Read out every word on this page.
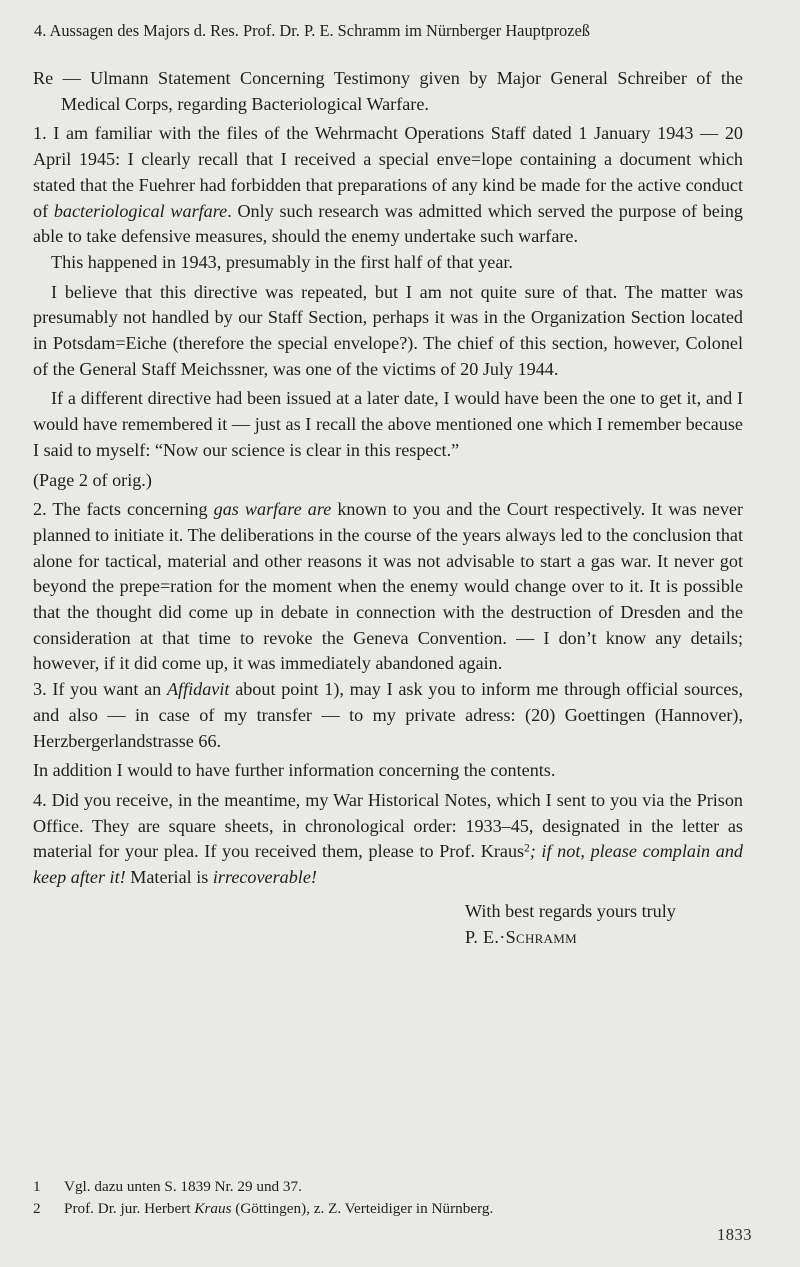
4. Aussagen des Majors d. Res. Prof. Dr. P. E. Schramm im Nürnberger Hauptprozeß

Re — Ulmann Statement Concerning Testimony given by Major General Schreiber of the Medical Corps, regarding Bacteriological Warfare.

1. I am familiar with the files of the Wehrmacht Operations Staff dated 1 January 1943 — 20 April 1945: I clearly recall that I received a special enve=lope containing a document which stated that the Fuehrer had forbidden that preparations of any kind be made for the active conduct of bacteriological warfare. Only such research was admitted which served the purpose of being able to take defensive measures, should the enemy undertake such warfare.

This happened in 1943, presumably in the first half of that year.

I believe that this directive was repeated, but I am not quite sure of that. The matter was presumably not handled by our Staff Section, perhaps it was in the Organization Section located in Potsdam=Eiche (therefore the special envelope?). The chief of this section, however, Colonel of the General Staff Meichssner, was one of the victims of 20 July 1944.

If a different directive had been issued at a later date, I would have been the one to get it, and I would have remembered it — just as I recall the above mentioned one which I remember because I said to myself: “Now our science is clear in this respect.”

(Page 2 of orig.)

2. The facts concerning gas warfare are known to you and the Court respectively. It was never planned to initiate it. The deliberations in the course of the years always led to the conclusion that alone for tactical, material and other reasons it was not advisable to start a gas war. It never got beyond the prepe=ration for the moment when the enemy would change over to it. It is possible that the thought did come up in debate in connection with the destruction of Dresden and the consideration at that time to revoke the Geneva Convention. — I don’t know any details; however, if it did come up, it was immediately abandoned again.

3. If you want an Affidavit about point 1), may I ask you to inform me through official sources, and also — in case of my transfer — to my private adress: (20) Goettingen (Hannover), Herzbergerlandstrasse 66.

In addition I would to have further information concerning the contents.

4. Did you receive, in the meantime, my War Historical Notes, which I sent to you via the Prison Office. They are square sheets, in chronological order: 1933–45, designated in the letter as material for your plea. If you received them, please to Prof. Kraus$^2$; if not, please complain and keep after it! Material is irrecoverable!

With best regards yours truly

P. E.·Schramm

1	Vgl. dazu unten S. 1839 Nr. 29 und 37.
2	Prof. Dr. jur. Herbert Kraus (Göttingen), z. Z. Verteidiger in Nürnberg.
1833
